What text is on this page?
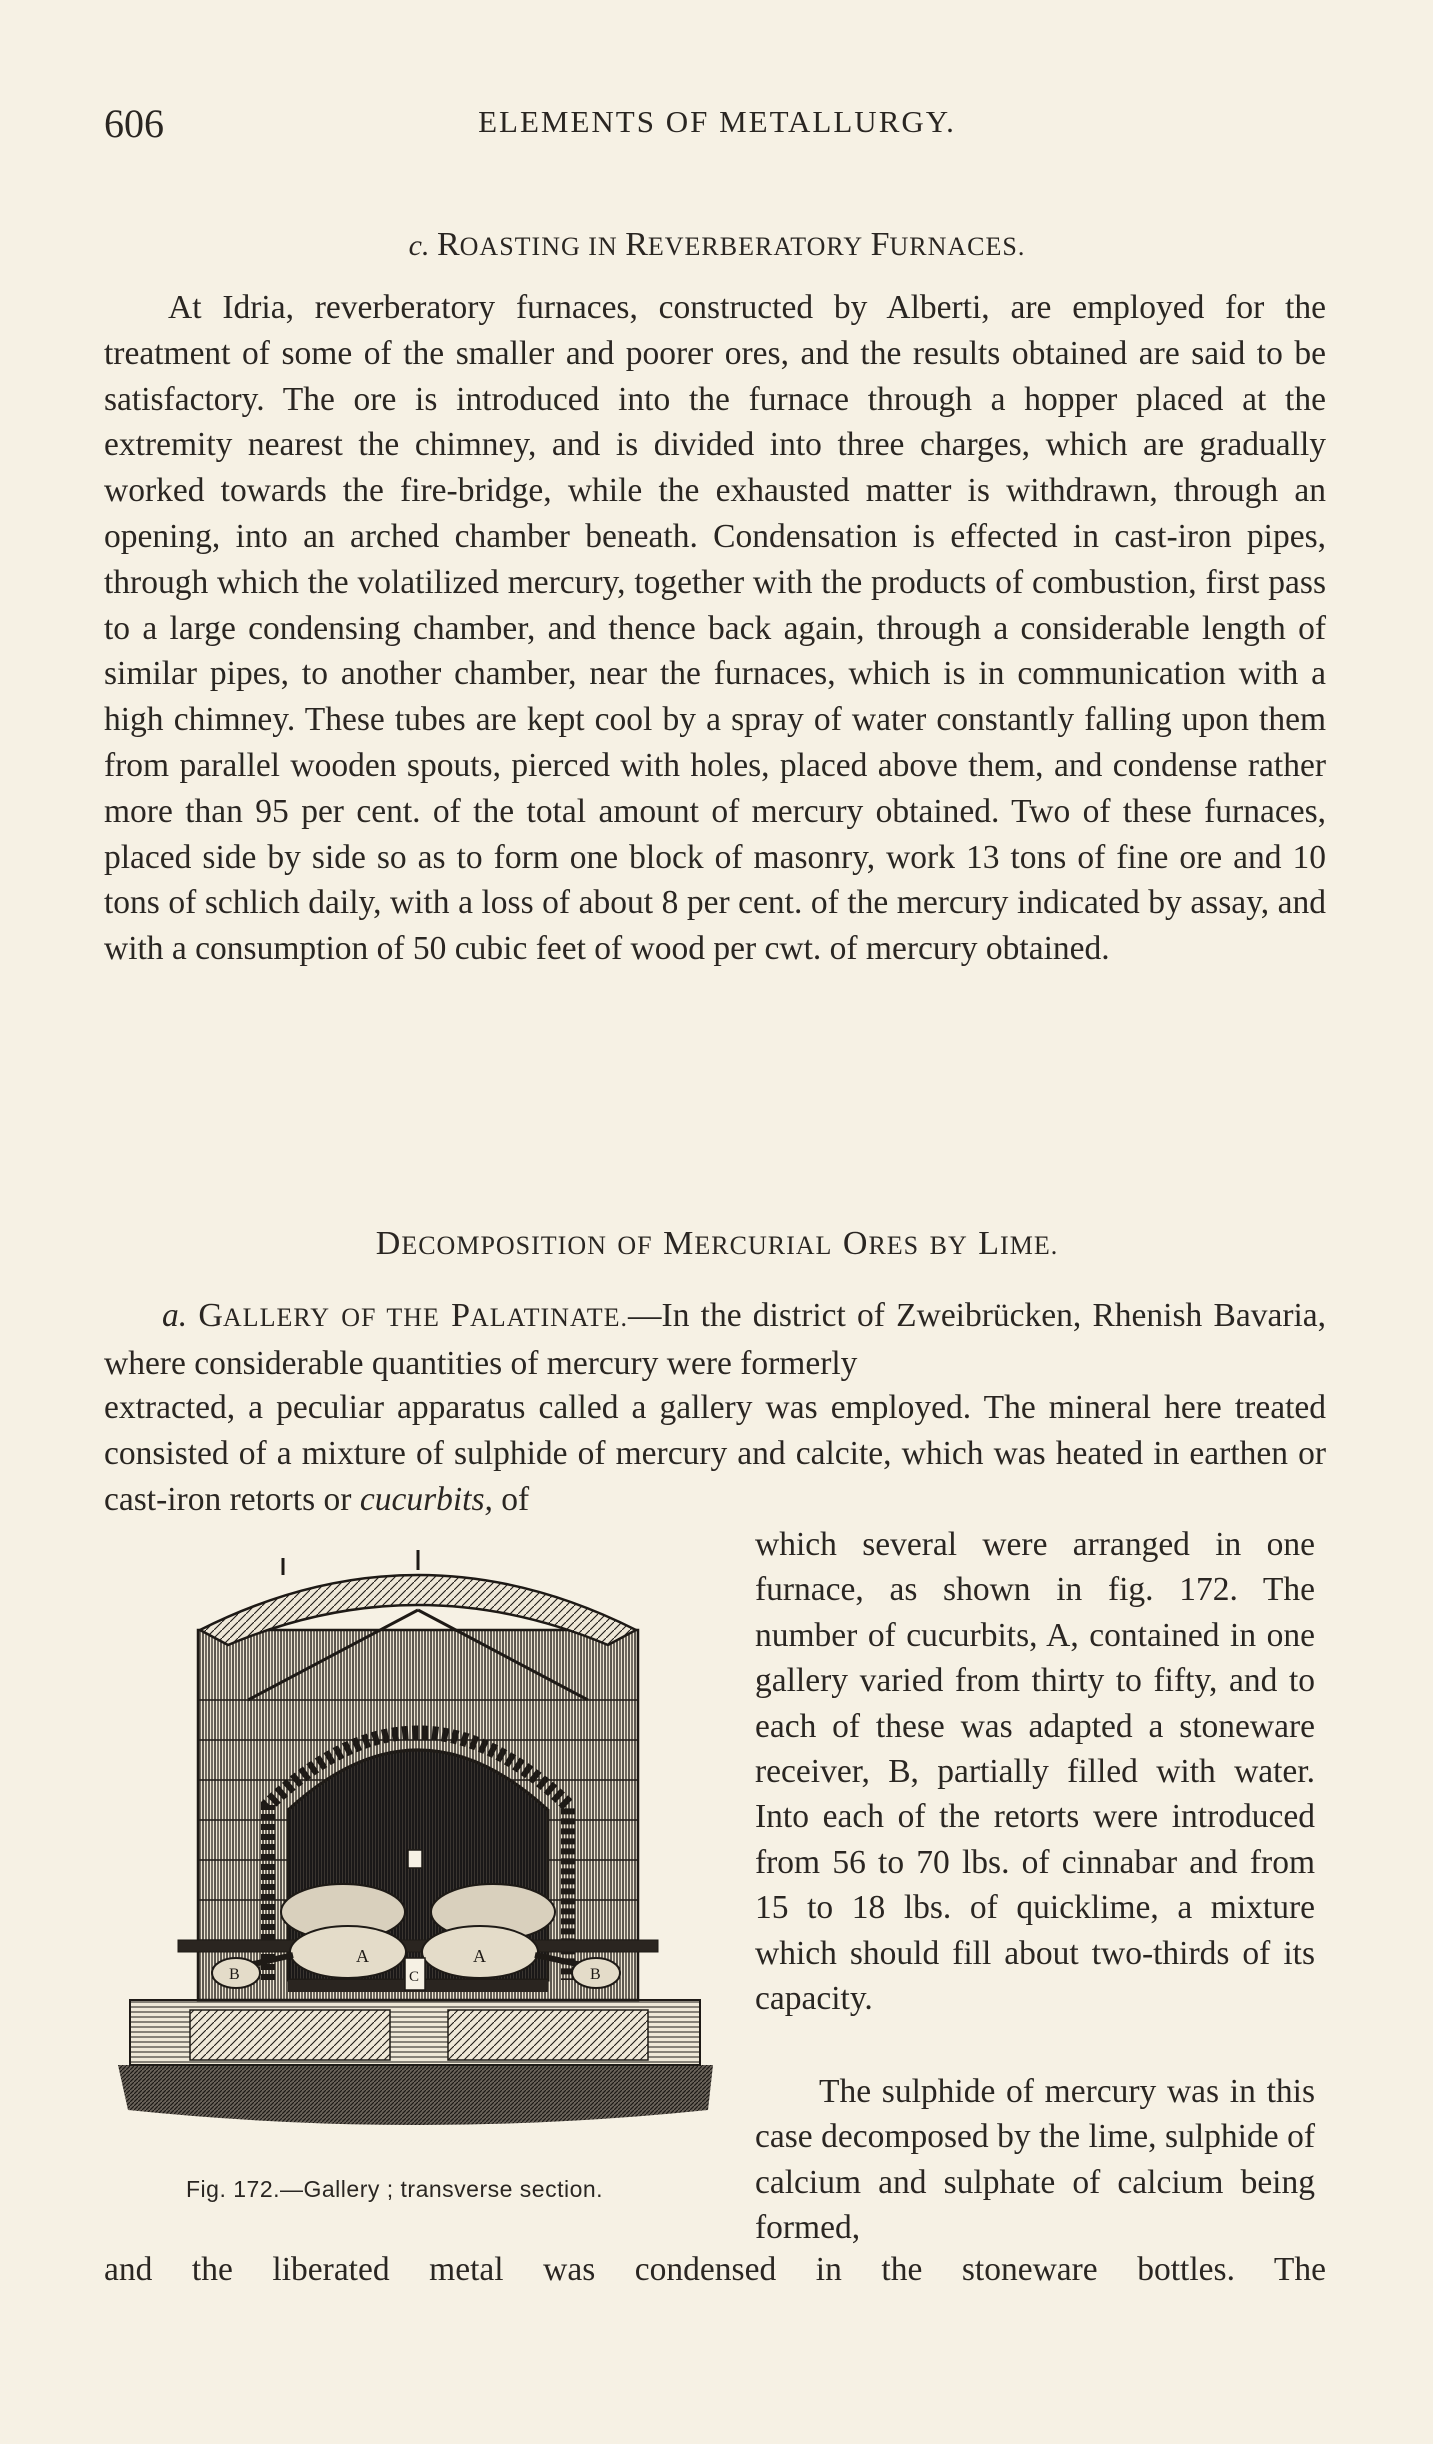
606	ELEMENTS OF METALLURGY.
c. ROASTING IN REVERBERATORY FURNACES.
At Idria, reverberatory furnaces, constructed by Alberti, are employed for the treatment of some of the smaller and poorer ores, and the results obtained are said to be satisfactory. The ore is introduced into the furnace through a hopper placed at the extremity nearest the chimney, and is divided into three charges, which are gradually worked towards the fire-bridge, while the exhausted matter is withdrawn, through an opening, into an arched chamber beneath. Condensation is effected in cast-iron pipes, through which the volatilized mercury, together with the products of combustion, first pass to a large condensing chamber, and thence back again, through a considerable length of similar pipes, to another chamber, near the furnaces, which is in communication with a high chimney. These tubes are kept cool by a spray of water constantly falling upon them from parallel wooden spouts, pierced with holes, placed above them, and condense rather more than 95 per cent. of the total amount of mercury obtained. Two of these furnaces, placed side by side so as to form one block of masonry, work 13 tons of fine ore and 10 tons of schlich daily, with a loss of about 8 per cent. of the mercury indicated by assay, and with a consumption of 50 cubic feet of wood per cwt. of mercury obtained.
DECOMPOSITION OF MERCURIAL ORES BY LIME.
a. GALLERY OF THE PALATINATE.—In the district of Zweibrücken, Rhenish Bavaria, where considerable quantities of mercury were formerly
extracted, a peculiar apparatus called a gallery was employed. The mineral here treated consisted of a mixture of sulphide of mercury and calcite, which was heated in earthen or cast-iron retorts or cucurbits, of
which several were arranged in one furnace, as shown in fig. 172. The number of cucurbits, A, contained in one gallery varied from thirty to fifty, and to each of these was adapted a stoneware receiver, B, partially filled with water. Into each of the retorts were introduced from 56 to 70 lbs. of cinnabar and from 15 to 18 lbs. of quicklime, a mixture which should fill about two-thirds of its capacity.
The sulphide of mercury was in this case decomposed by the lime, sulphide of calcium and sulphate of calcium being formed,
and the liberated metal was condensed in the stoneware bottles. The
A	A
B	B
C
Fig. 172.—Gallery ; transverse section.
